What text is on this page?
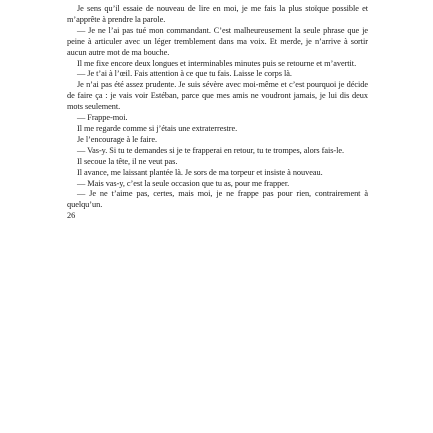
Je sens qu’il essaie de nouveau de lire en moi, je me fais la plus stoïque possible et m’apprête à prendre la parole.

— Je ne l’ai pas tué mon commandant. C’est malheureusement la seule phrase que je peine à articuler avec un léger tremblement dans ma voix. Et merde, je n’arrive à sortir aucun autre mot de ma bouche.

Il me fixe encore deux longues et interminables minutes puis se retourne et m’avertit.

— Je t’ai à l’œil. Fais attention à ce que tu fais. Laisse le corps là.

Je n’ai pas été assez prudente. Je suis sévère avec moi-même et c’est pourquoi je décide de faire ça : je vais voir Estéban, parce que mes amis ne voudront jamais, je lui dis deux mots seulement.

— Frappe-moi.

Il me regarde comme si j’étais une extraterrestre.

Je l’encourage à le faire.

— Vas-y. Si tu te demandes si je te frapperai en retour, tu te trompes, alors fais-le.

Il secoue la tête, il ne veut pas.

Il avance, me laissant plantée là. Je sors de ma torpeur et insiste à nouveau.

— Mais vas-y, c’est la seule occasion que tu as, pour me frapper.

— Je ne t’aime pas, certes, mais moi, je ne frappe pas pour rien, contrairement à quelqu’un.

26
